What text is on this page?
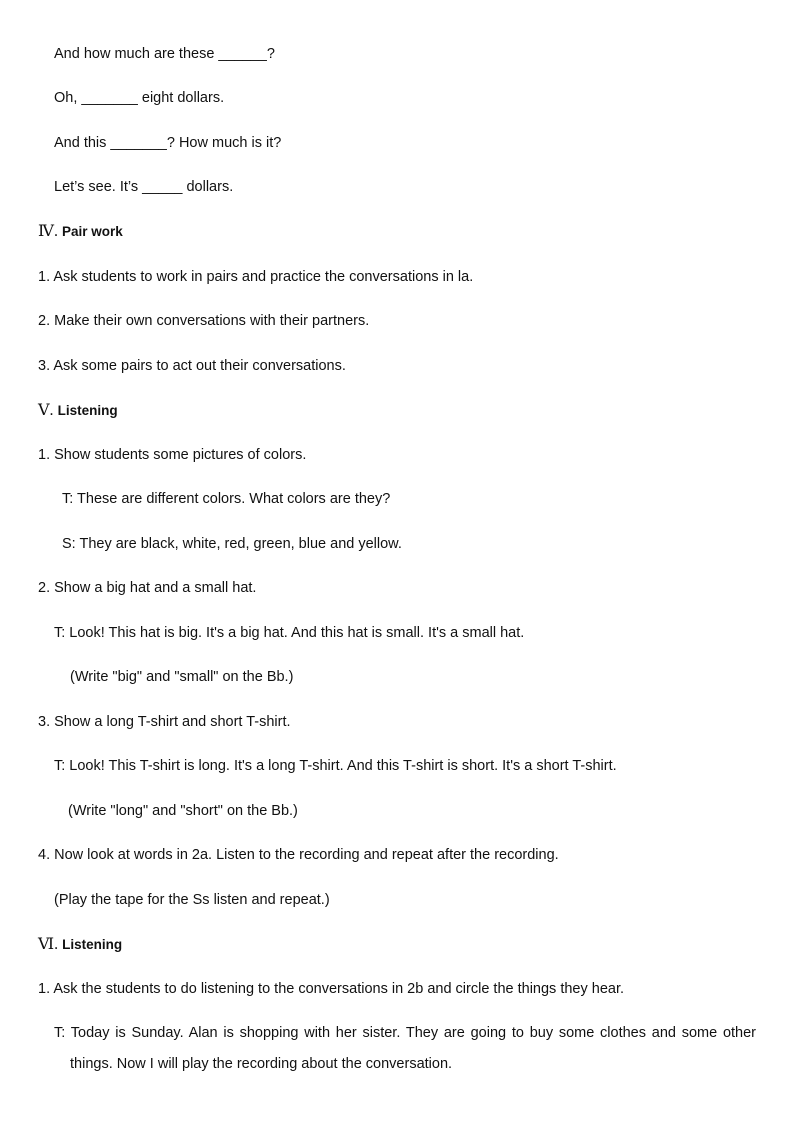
And how much are these ______?

Oh, _______ eight dollars.

And this _______? How much is it?

Let’s see. It’s _____ dollars.

Ⅳ. Pair work

1. Ask students to work in pairs and practice the conversations in la.

2. Make their own conversations with their partners.

3. Ask some pairs to act out their conversations.

Ⅴ. Listening

1. Show students some pictures of colors.

T: These are different colors. What colors are they?

S: They are black, white, red, green, blue and yellow.

2. Show a big hat and a small hat.

T: Look! This hat is big. It's a big hat. And this hat is small. It's a small hat.

(Write "big" and "small" on the Bb.)

3. Show a long T-shirt and short T-shirt.

T: Look! This T-shirt is long. It's a long T-shirt. And this T-shirt is short. It's a short T-shirt.

(Write "long" and "short" on the Bb.)

4. Now look at words in 2a. Listen to the recording and repeat after the recording.

(Play the tape for the Ss listen and repeat.)

Ⅵ. Listening

1. Ask the students to do listening to the conversations in 2b and circle the things they hear.

T: Today is Sunday. Alan is shopping with her sister. They are going to buy some clothes and some other things. Now I will play the recording about the conversation.
